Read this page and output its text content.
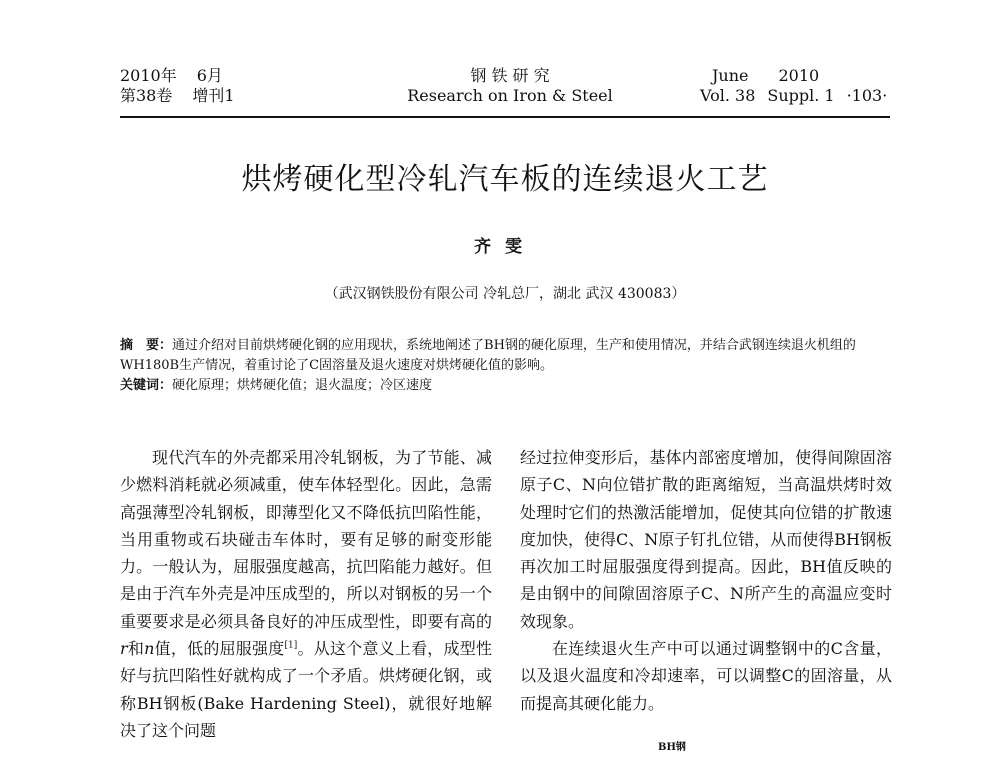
2010年 6月
第38卷 增刊1
钢 铁 研 究
Research on Iron & Steel
June 2010
Vol. 38 Suppl. 1 ·103·
烘烤硬化型冷轧汽车板的连续退火工艺
齐雯
（武汉钢铁股份有限公司 冷轧总厂，湖北 武汉 430083）

摘　要：通过介绍对目前烘烤硬化钢的应用现状，系统地阐述了BH钢的硬化原理，生产和使用情况，并结合武钢连续退火机组的WH180B生产情况，着重讨论了C固溶量及退火速度对烘烤硬化值的影响。

关键词：硬化原理；烘烤硬化值；退火温度；冷区速度

现代汽车的外壳都采用冷轧钢板，为了节能、减少燃料消耗就必须减重，使车体轻型化。因此，急需高强薄型冷轧钢板，即薄型化又不降低抗凹陷性能，当用重物或石块碰击车体时，要有足够的耐变形能力。一般认为，屈服强度越高，抗凹陷能力越好。但是由于汽车外壳是冲压成型的，所以对钢板的另一个重要要求是必须具备良好的冲压成型性，即要有高的r和n值，低的屈服强度[1]。从这个意义上看，成型性好与抗凹陷性好就构成了一个矛盾。烘烤硬化钢，或称BH钢板(Bake Hardening Steel)，就很好地解决了这个问题

经过拉伸变形后，基体内部密度增加，使得间隙固溶原子C、N向位错扩散的距离缩短，当高温烘烤时效处理时它们的热激活能增加，促使其向位错的扩散速度加快，使得C、N原子钉扎位错，从而使得BH钢板再次加工时屈服强度得到提高。因此，BH值反映的是由钢中的间隙固溶原子C、N所产生的高温应变时效现象。

在连续退火生产中可以通过调整钢中的C含量，以及退火温度和冷却速率，可以调整C的固溶量，从而提高其硬化能力。

BH钢
